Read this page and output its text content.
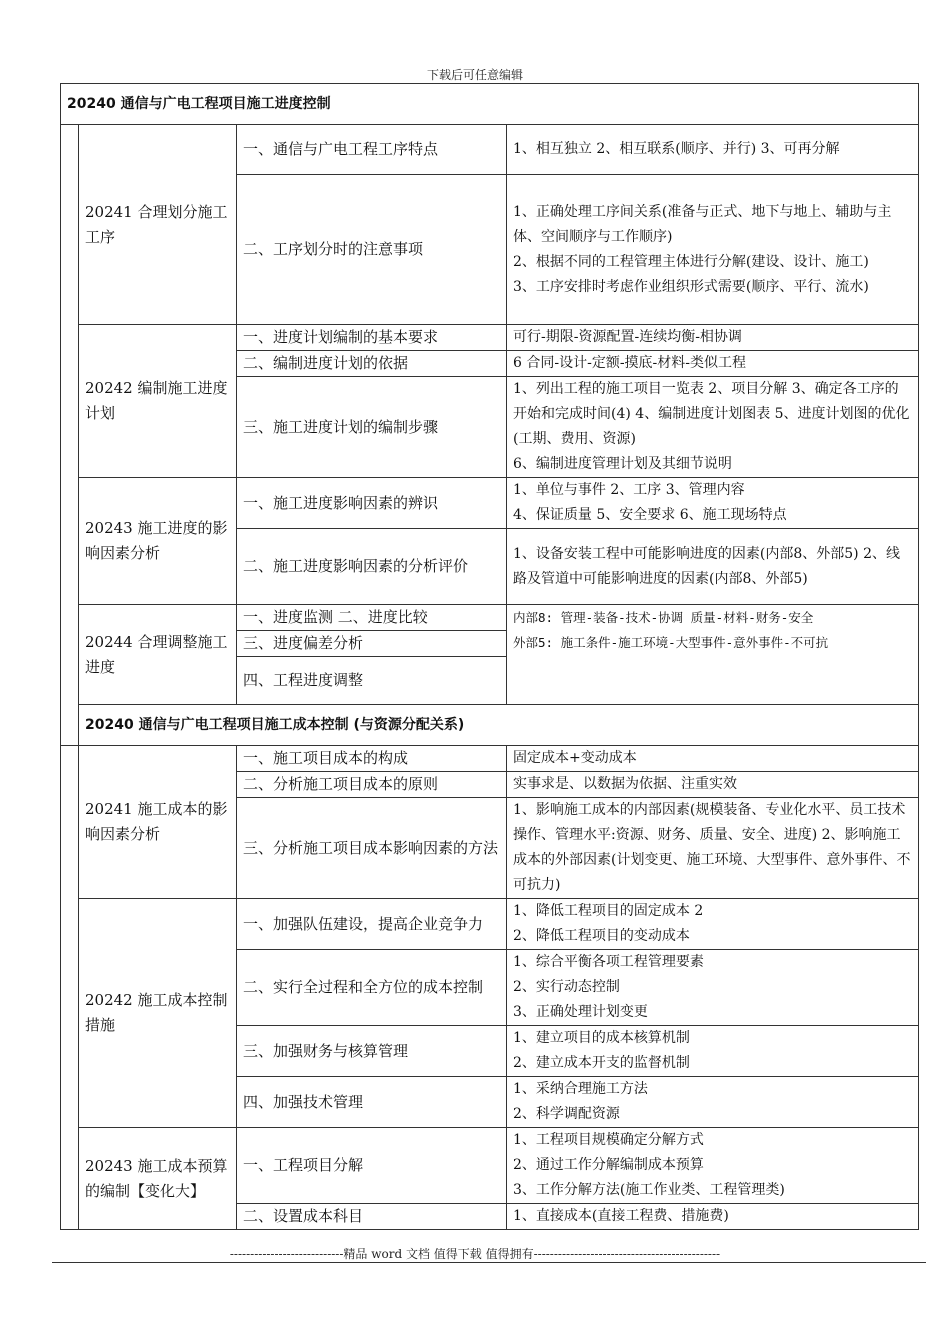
下载后可任意编辑
20240 通信与广电工程项目施工进度控制			
	20241 合理划分施工工序	一、通信与广电工程工序特点	1、相互独立 2、相互联系(顺序、并行) 3、可再分解

		二、工序划分时的注意事项	1、正确处理工序间关系(准备与正式、地下与地上、辅助与主体、空间顺序与工作顺序)
2、根据不同的工程管理主体进行分解(建设、设计、施工)
3、工序安排时考虑作业组织形式需要(顺序、平行、流水)

	20242 编制施工进度计划	一、进度计划编制的基本要求	可行-期限-资源配置-连续均衡-相协调

		二、编制进度计划的依据	6 合同-设计-定额-摸底-材料-类似工程

		三、施工进度计划的编制步骤	1、列出工程的施工项目一览表 2、项目分解 3、确定各工序的开始和完成时间(4) 4、编制进度计划图表 5、进度计划图的优化(工期、费用、资源)
6、编制进度管理计划及其细节说明

	20243 施工进度的影响因素分析	一、施工进度影响因素的辨识	1、单位与事件 2、工序 3、管理内容
4、保证质量 5、安全要求 6、施工现场特点

		二、施工进度影响因素的分析评价	1、设备安装工程中可能影响进度的因素(内部8、外部5) 2、线路及管道中可能影响进度的因素(内部8、外部5)

	20244 合理调整施工进度	一、进度监测 二、进度比较	内部8: 管理-装备-技术-协调 质量-材料-财务-安全
外部5: 施工条件-施工环境-大型事件-意外事件-不可抗

		三、进度偏差分析	
		四、工程进度调整	
	20240 通信与广电工程项目施工成本控制 (与资源分配关系)		
	20241 施工成本的影响因素分析	一、施工项目成本的构成	固定成本+变动成本

		二、分析施工项目成本的原则	实事求是、以数据为依据、注重实效

		三、分析施工项目成本影响因素的方法	1、影响施工成本的内部因素(规模装备、专业化水平、员工技术操作、管理水平:资源、财务、质量、安全、进度) 2、影响施工成本的外部因素(计划变更、施工环境、大型事件、意外事件、不可抗力)

	20242 施工成本控制措施	一、加强队伍建设，提高企业竞争力	1、降低工程项目的固定成本 2
2、降低工程项目的变动成本

		二、实行全过程和全方位的成本控制	1、综合平衡各项工程管理要素
2、实行动态控制
3、正确处理计划变更

		三、加强财务与核算管理	1、建立项目的成本核算机制
2、建立成本开支的监督机制

		四、加强技术管理	1、采纳合理施工方法
2、科学调配资源

	20243 施工成本预算的编制【变化大】	一、工程项目分解	1、工程项目规模确定分解方式
2、通过工作分解编制成本预算
3、工作分解方法(施工作业类、工程管理类)

		二、设置成本科目	1、直接成本(直接工程费、措施费)
----------------------------精品 word 文档 值得下载 值得拥有----------------------------------------------
